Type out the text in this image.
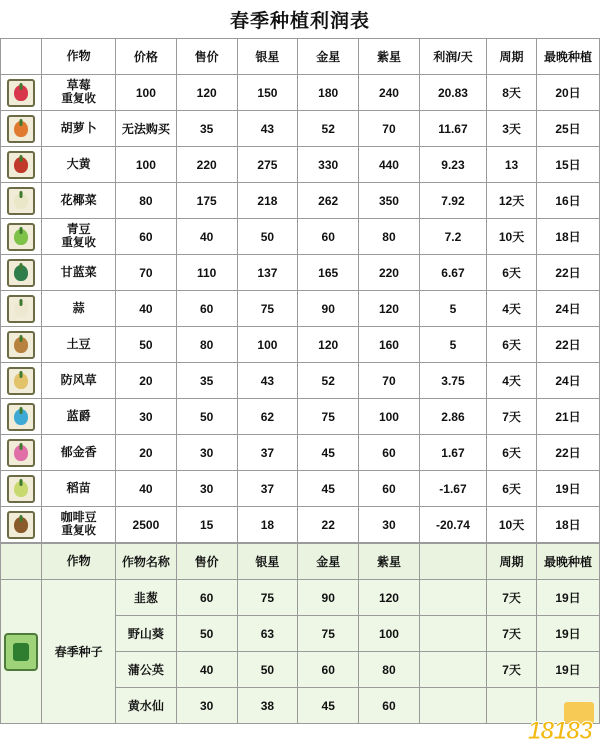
春季种植利润表
	作物	价格	售价	银星	金星	紫星	利润/天	周期	最晚种植

	草莓
重复收	100	120	150	180	240	20.83	8天	20日

	胡萝卜	无法购买	35	43	52	70	11.67	3天	25日

	大黄	100	220	275	330	440	9.23	13	15日

	花椰菜	80	175	218	262	350	7.92	12天	16日

	青豆
重复收	60	40	50	60	80	7.2	10天	18日

	甘蓝菜	70	110	137	165	220	6.67	6天	22日

	蒜	40	60	75	90	120	5	4天	24日

	土豆	50	80	100	120	160	5	6天	22日

	防风草	20	35	43	52	70	3.75	4天	24日

	蓝爵	30	50	62	75	100	2.86	7天	21日

	郁金香	20	30	37	45	60	1.67	6天	22日

	稻苗	40	30	37	45	60	-1.67	6天	19日

	咖啡豆
重复收	2500	15	18	22	30	-20.74	10天	18日
	作物	作物名称	售价	银星	金星	紫星		周期	最晚种植

	春季种子	韭葱	60	75	90	120		7天	19日
		野山葵	50	63	75	100		7天	19日
		蒲公英	40	50	60	80		7天	19日
		黄水仙	30	38	45	60			
18183
